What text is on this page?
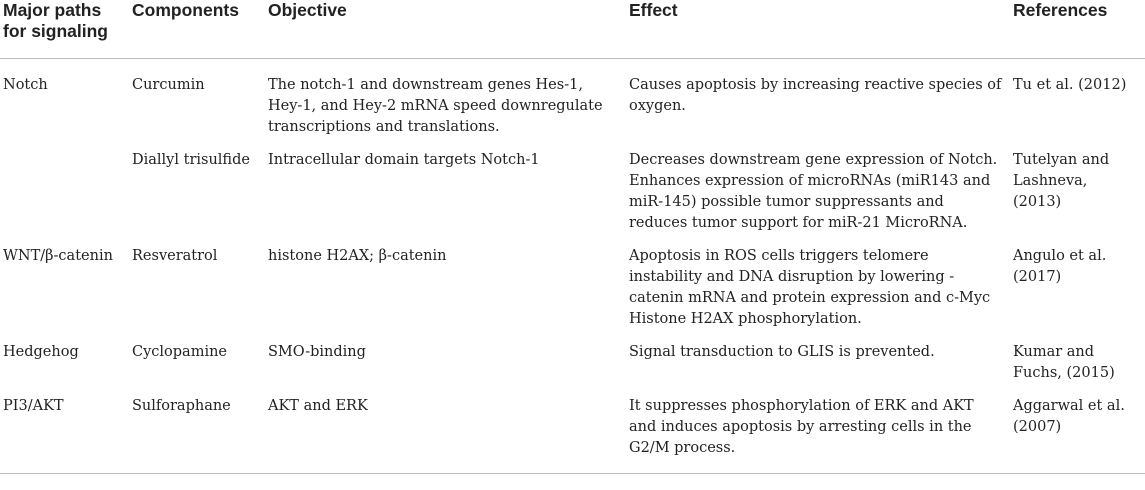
Major paths for signaling	Components	Objective	Effect	References
Notch	Curcumin	The notch-1 and downstream genes Hes-1, Hey-1, and Hey-2 mRNA speed downregulate transcriptions and translations.	Causes apoptosis by increasing reactive species of oxygen.	Tu et al. (2012)
	Diallyl trisulfide	Intracellular domain targets Notch-1	Decreases downstream gene expression of Notch. Enhances expression of microRNAs (miR143 and miR-145) possible tumor suppressants and reduces tumor support for miR-21 MicroRNA.	Tutelyan and Lashneva, (2013)
WNT/β-catenin	Resveratrol	histone H2AX; β-catenin	Apoptosis in ROS cells triggers telomere instability and DNA disruption by lowering -catenin mRNA and protein expression and c-Myc Histone H2AX phosphorylation.	Angulo et al. (2017)
Hedgehog	Cyclopamine	SMO-binding	Signal transduction to GLIS is prevented.	Kumar and Fuchs, (2015)
PI3/AKT	Sulforaphane	AKT and ERK	It suppresses phosphorylation of ERK and AKT and induces apoptosis by arresting cells in the G2/M process.	Aggarwal et al. (2007)
